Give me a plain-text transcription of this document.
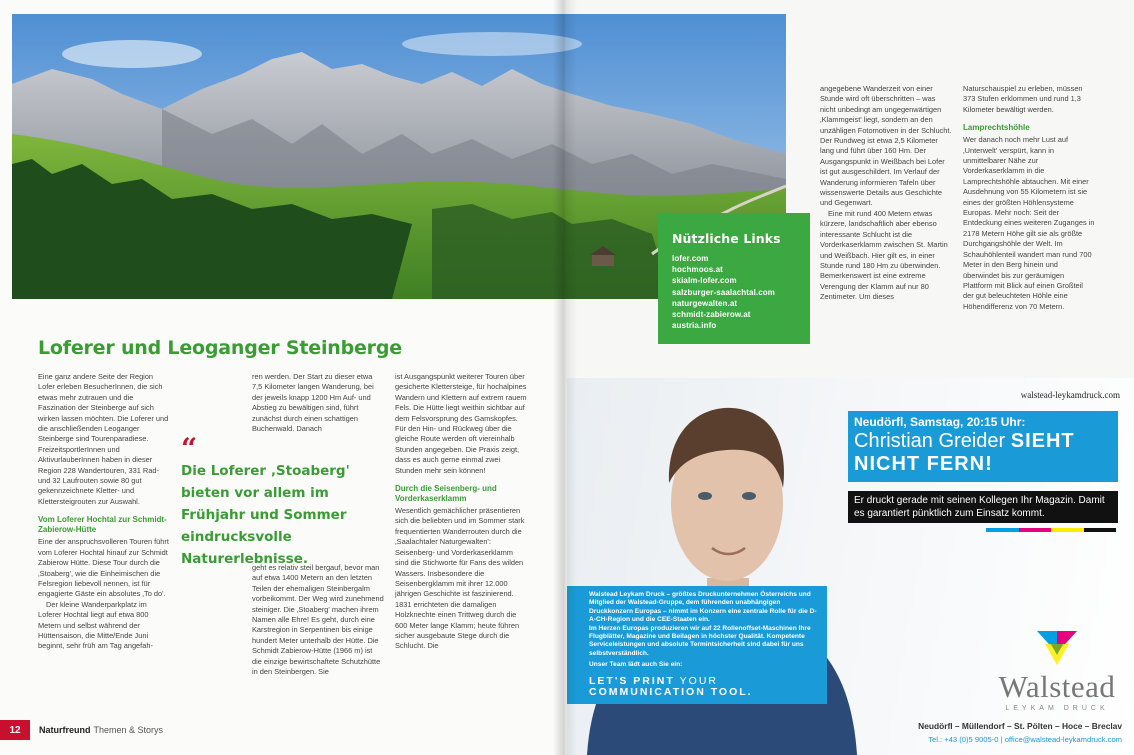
Nützliche Links
lofer.com
hochmoos.at
skialm-lofer.com
salzburger-saalachtal.com
naturgewalten.at
schmidt-zabierow.at
austria.info
Loferer und Leoganger Steinberge

Eine ganz andere Seite der Region Lofer erleben BesucherInnen, die sich etwas mehr zutrauen und die Faszination der Steinberge auf sich wirken lassen möchten. Die Loferer und die anschließenden Leoganger Steinberge sind Tourenparadiese. FreizeitsportlerInnen und AktivurlauberInnen haben in dieser Region 228 Wandertouren, 331 Rad- und 32 Laufrouten sowie 80 gut gekennzeichnete Kletter- und Klettersteigrouten zur Auswahl.

Vom Loferer Hochtal zur Schmidt-Zabierow-Hütte

Eine der anspruchsvolleren Touren führt vom Loferer Hochtal hinauf zur Schmidt Zabierow Hütte. Diese Tour durch die ‚Stoaberg', wie die Einheimischen die Felsregion liebevoll nennen, ist für engagierte Gäste ein absolutes ‚To do'.

Der kleine Wanderparkplatz im Loferer Hochtal liegt auf etwa 800 Metern und selbst während der Hüttensaison, die Mitte/Ende Juni beginnt, sehr früh am Tag angefah-

ren werden. Der Start zu dieser etwa 7,5 Kilometer langen Wanderung, bei der jeweils knapp 1200 Hm Auf- und Abstieg zu bewältigen sind, führt zunächst durch einen schattigen Buchenwald. Danach

“
Die Loferer ‚Stoaberg' bieten vor allem im Frühjahr und Sommer eindrucksvolle Naturerlebnisse.

geht es relativ steil bergauf, bevor man auf etwa 1400 Metern an den letzten Teilen der ehemaligen Steinbergalm vorbeikommt. Der Weg wird zunehmend steiniger. Die ‚Stoaberg' machen ihrem Namen alle Ehre! Es geht, durch eine Karstregion in Serpentinen bis einige hundert Meter unterhalb der Hütte. Die Schmidt Zabierow-Hütte (1966 m) ist die einzige bewirtschaftete Schutzhütte in den Steinbergen. Sie

ist Ausgangspunkt weiterer Touren über gesicherte Klettersteige, für hochalpines Wandern und Klettern auf extrem rauem Fels. Die Hütte liegt weithin sichtbar auf dem Felsvorsprung des Gamskopfes. Für den Hin- und Rückweg über die gleiche Route werden oft viereinhalb Stunden angegeben. Die Praxis zeigt, dass es auch gerne einmal zwei Stunden mehr sein können!

Durch die Seisenberg- und Vorderkaserklamm

Wesentlich gemächlicher präsentieren sich die beliebten und im Sommer stark frequentierten Wanderrouten durch die ‚Saalachtaler Naturgewalten': Seisenberg- und Vorderkaserklamm sind die Stichworte für Fans des wilden Wassers. Insbesondere die Seisenbergklamm mit ihrer 12.000 jährigen Geschichte ist faszinierend. 1831 errichteten die damaligen Holzknechte einen Trittweg durch die 600 Meter lange Klamm; heute führen sicher ausgebaute Stege durch die Schlucht. Die

angegebene Wanderzeit von einer Stunde wird oft überschritten – was nicht unbedingt am ungegenwärtigen ‚Klammgeist' liegt, sondern an den unzähligen Fotomotiven in der Schlucht. Der Rundweg ist etwa 2,5 Kilometer lang und führt über 160 Hm. Der Ausgangspunkt in Weißbach bei Lofer ist gut ausgeschildert. Im Verlauf der Wanderung informieren Tafeln über wissenswerte Details aus Geschichte und Gegenwart.

Eine mit rund 400 Metern etwas kürzere, landschaftlich aber ebenso interessante Schlucht ist die Vorderkaserklamm zwischen St. Martin und Weißbach. Hier gilt es, in einer Stunde rund 180 Hm zu überwinden. Bemerkenswert ist eine extreme Verengung der Klamm auf nur 80 Zentimeter. Um dieses

Naturschauspiel zu erleben, müssen 373 Stufen erklommen und rund 1,3 Kilometer bewältigt werden.

Lamprechtshöhle

Wer danach noch mehr Lust auf ‚Unterwelt' verspürt, kann in unmittelbarer Nähe zur Vorderkaserklamm in die Lamprechtshöhle abtauchen. Mit einer Ausdehnung von 55 Kilometern ist sie eines der größten Höhlensysteme Europas. Mehr noch: Seit der Entdeckung eines weiteren Zuganges in 2178 Metern Höhe gilt sie als größte Durchgangshöhle der Welt. Im Schauhöhlenteil wandert man rund 700 Meter in den Berg hinein und überwindet bis zur geräumigen Plattform mit Blick auf einen Großteil der gut beleuchteten Höhle eine Höhendifferenz von 70 Metern.

12	Naturfreund Themen & Storys
walstead-leykamdruck.com
Neudörfl, Samstag, 20:15 Uhr:
Christian Greider SIEHT NICHT FERN!
Er druckt gerade mit seinen Kollegen Ihr Magazin. Damit es garantiert pünktlich zum Einsatz kommt.

Walstead Leykam Druck – größtes Druckunternehmen Österreichs und Mitglied der Walstead-Gruppe, dem führenden unabhängigen Druckkonzern Europas – nimmt im Konzern eine zentrale Rolle für die D-A-CH-Region und die CEE-Staaten ein.

Im Herzen Europas produzieren wir auf 22 Rollenoffset-Maschinen Ihre Flugblätter, Magazine und Beilagen in höchster Qualität. Kompetente Serviceleistungen und absolute Termintsicherheit sind dabei für uns selbstverständlich.

Unser Team lädt auch Sie ein:

LET'S PRINT YOUR
COMMUNICATION TOOL.	Walstead
LEYKAM DRUCK
Neudörfl – Müllendorf – St. Pölten – Hoce – Breclav
Tel.: +43 (0)5 9005-0 | office@walstead-leykamdruck.com
